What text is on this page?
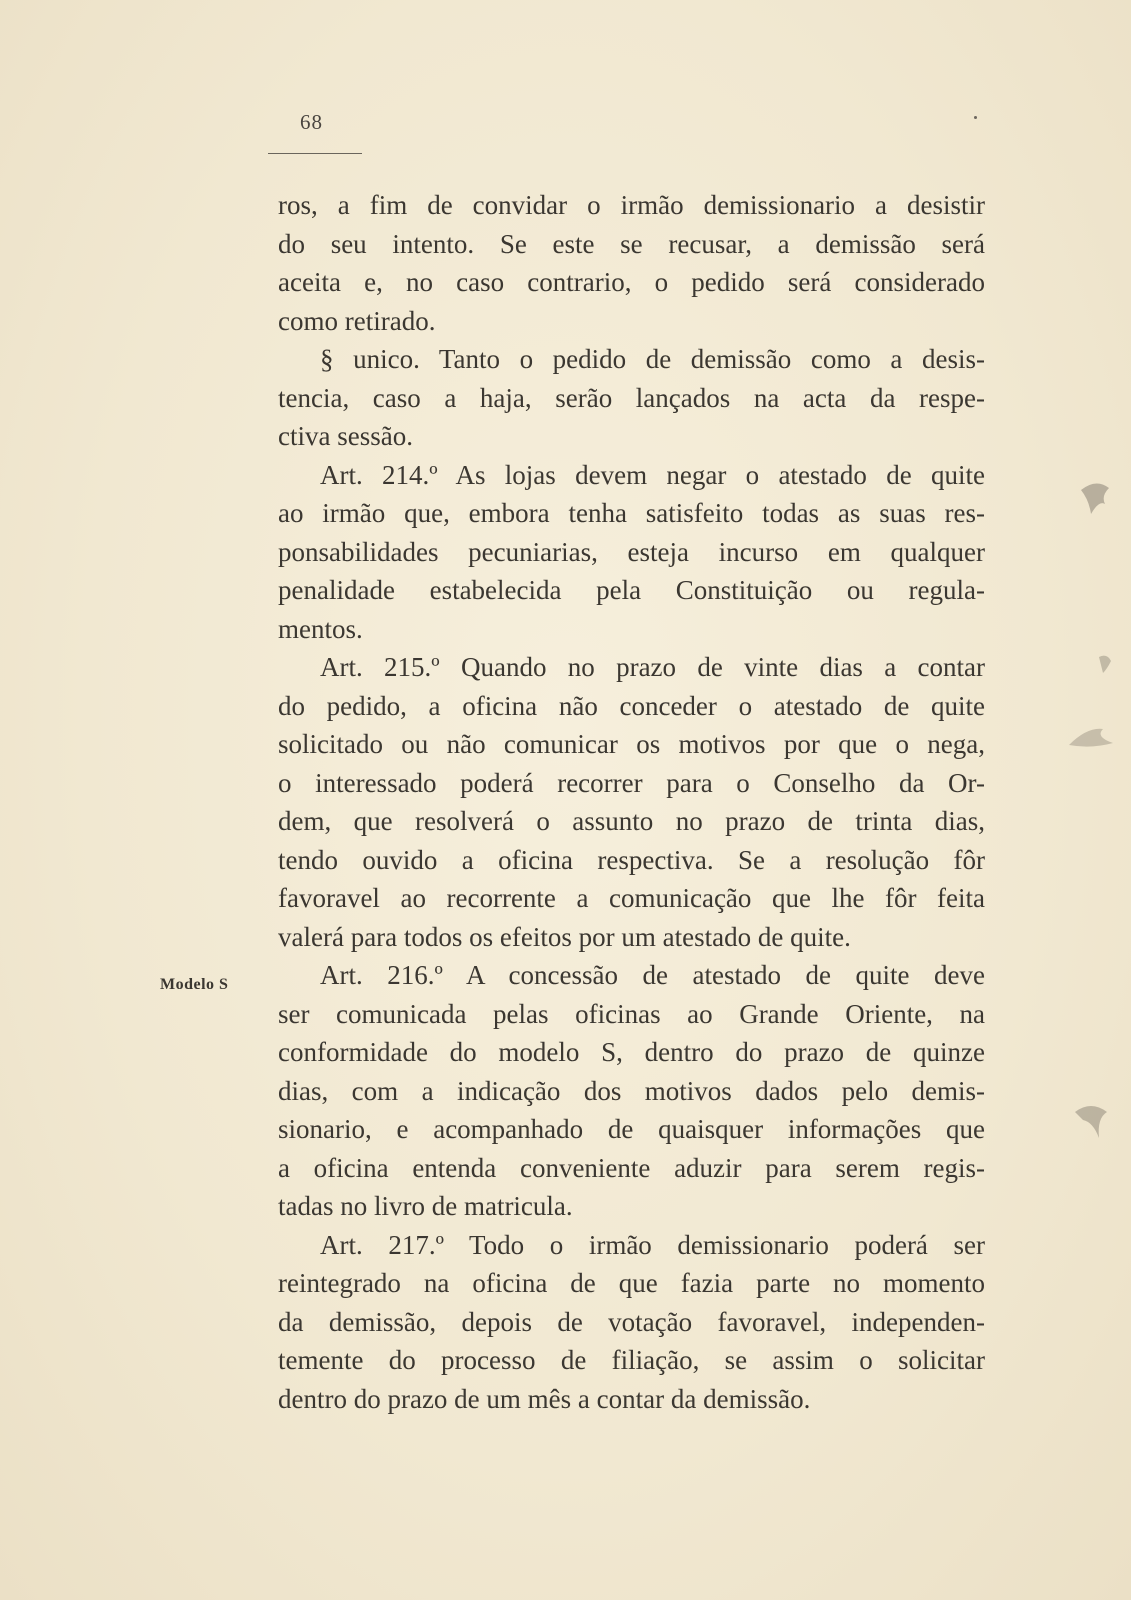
68
Modelo S
ros, a fim de convidar o irmão demissionario a desistir
do seu intento. Se este se recusar, a demissão será
aceita e, no caso contrario, o pedido será considerado
como retirado.
§ unico. Tanto o pedido de demissão como a desis-
tencia, caso a haja, serão lançados na acta da respe-
ctiva sessão.
Art. 214.º As lojas devem negar o atestado de quite
ao irmão que, embora tenha satisfeito todas as suas res-
ponsabilidades pecuniarias, esteja incurso em qualquer
penalidade estabelecida pela Constituição ou regula-
mentos.
Art. 215.º Quando no prazo de vinte dias a contar
do pedido, a oficina não conceder o atestado de quite
solicitado ou não comunicar os motivos por que o nega,
o interessado poderá recorrer para o Conselho da Or-
dem, que resolverá o assunto no prazo de trinta dias,
tendo ouvido a oficina respectiva. Se a resolução fôr
favoravel ao recorrente a comunicação que lhe fôr feita
valerá para todos os efeitos por um atestado de quite.
Art. 216.º A concessão de atestado de quite deve
ser comunicada pelas oficinas ao Grande Oriente, na
conformidade do modelo S, dentro do prazo de quinze
dias, com a indicação dos motivos dados pelo demis-
sionario, e acompanhado de quaisquer informações que
a oficina entenda conveniente aduzir para serem regis-
tadas no livro de matricula.
Art. 217.º Todo o irmão demissionario poderá ser
reintegrado na oficina de que fazia parte no momento
da demissão, depois de votação favoravel, independen-
temente do processo de filiação, se assim o solicitar
dentro do prazo de um mês a contar da demissão.
